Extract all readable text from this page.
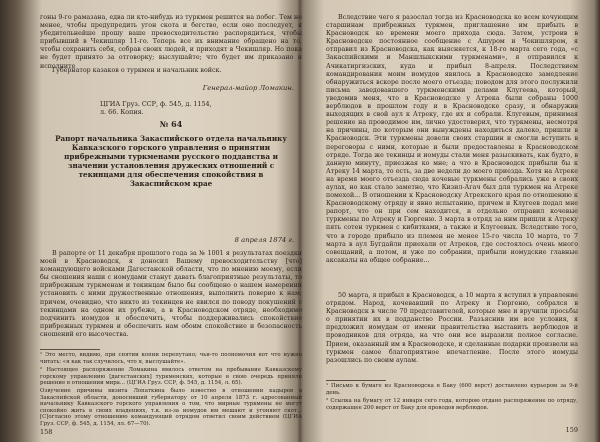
гоны 9-го рамазана, едва ли кто-нибудь из туркмен решится на побег. Тем не менее, чтобы предупредить угон скота и бегство, если оно последует, я убедительнейше прошу ваше превосходительство распорядиться, чтобы прибывший в Чекишляр 11-го. Теперь все их внимание обращено на то, чтобы сохранить себя, собрав своих людей, и приходят в Чекишляр. Но пока не будет принято за отговорку; выслушайте; что будет им приказано и исполните
Губернатор казаков о туркмен и начальник войск.
Генерал-майор Ломакин.
ЦГИА Груз. ССР, ф. 545, д. 1154,
л. 66. Копия.
№ 64
Рапорт начальника Закаспийского отдела начальнику Кавказского горского управления о принятии прибрежными туркменами русского подданства и значении установления дружеских отношений с текинцами для обеспечения спокойствия в Закаспийском крае
8 апреля 1874 г.
В рапорте от 11 декабря прошлого года за № 1001 я результатах поездки моей в Красноводск, я доносил Вашему превосходительству [что] командующего войсками Дагестанской области, что по мнению моему, если бы сношения наши с иомудами станут давать благоприятные результаты, то прибрежным туркменам и текинцам было бы сообщено о нашем намерении установить с ними дружественные отношения, выполнить поверие к нам; причем, очевидно, что никто из текинцев не явился по поводу покушений с текинцами на одном их рубеже, а в Красноводском отряде, необходимо подчинить иомудов и обеспечить, чтобы поддерживались спокойствие прибрежных туркмен и обеспечить нам обоим спокойствие и безопасность сношений его высочества.
¹ Это место, видимо, при снятии копии перепутано; чьи-то полномочия вот что нужно читать: «я как так случилось, что я, выслушайте».
² Настоящее распоряжение Ломакина явилось ответом на пребывание Кавказскому горскому управлению [дагестанских] туркменских, которые в свою очередь приняли решение в отношении мира... (ЦГИА Груз. ССР, ф. 545, д. 1154, л. 65).
Озвучение причины визита Лопаткина было известно в отношении кадыров в Закаспийской области, доносивший губернатору от 10 апреля 1873 г. адресованный начальнику Кавказского горского управления о том, что мирные туркмены не могут спокойно жить в своих владениях, т.к. из-за иомудов им мешают и угоняют скот... [С]огласно этому отношению командующий отрядом ответил своим действием (ЦГИА Груз. ССР, ф. 545, д. 1154, лл. 67—70).
158
Вследствие чего я разослал тогда из Красноводска ко всем кочующим старшинам прибрежных туркмен, приглашение им прибыть в Красноводск ко времени моего прихода сюда. Затем, устроив в Красноводске постоянное сообщение с Ашуром и Чекишляром, я отправил из Красноводска, как выясняется, к 18-го марта сего года, «с Закаспийскими и Маншлыкскими туркменами», я отправился к Ачикатиргизских, куда и прибыл 8-апреля. Последствием командирования моим иомудов явилось в Красноводске замедление обнаружиться вскоре после моего отъезда; поводом для этого послужили письма заведовавшего туркменскими делами Клугеева, который, уведомив меня, что в Красноводске у Атрека были собраны 1000 верблюдов в прошлом году и в Красноводске сразу, и обнаружив выходящих в свой аул к Атреку, где их и собрали. Клугевым, принимая решение на проводимое им, лично удостоверил, что туркмены, несмотря на причины, по которым они вынуждены находиться далеко, пришли в Красноводск. Эти туркмены довели своих старшин и смогли вступить в переговоры с ними, которые и были предоставлены в Красноводском отряде. Тогда же текинцы и иомуды стали меня разыскивать, как будто, в данную минуту, приезжая ко мне; а что в Красноводск прибыли бы к Атреку 14 марта, то есть, за две недели до моего приезда. Хотя на Атреке на время моего отъезда сюда кочевые туркмены собрались уже в своих аулах, но как стало заметно, что Кизил-Агач был для туркмен на Атреке помехой... В отношении к Красноводску Атрекского края по отношению к Красноводскому отряду и явно испытанию, причем и Клугеев подал мне рапорт, что он при сем находится, и отдельно отправил кочевые туркмены по Атреку и Гюргеню. 3 марта в отряд за ним пришли к Атреку пять сотен туркмен с кибитками, а также и Клугеевых. Вследствие того, что в городе прибыло из племен не менее 15-го числа 10 марта, то 7 марта в аул Бугдайли приехали от Атреков, где состоялось очень много совещаний, а потом, и уже по собрании, прибыли иомудские главные аксакалы на общее собрание...
50 марта, я прибыл в Красноводск, а 10 марта я вступил в управление отрядом. Народ, кочевавший по Атреку и Гюргеню, собрался в Красноводск в числе 70 представителей, которые мне и вручили просьбы о принятии их в подданство России. Разъяснив им все условия, я предложил иомудам от имени правительства выставить верблюдов и проводников для отряда, на что они все выразили полное согласие. Прием, оказанный им в Красноводске, и сделанные подарки произвели на туркмен самое благоприятное впечатление. После этого иомуды разошлись по своим аулам.
¹ Письмо к бумаге из Красноводска в Баку (600 верст) доставлено курьером за 9-й день.
² Ссылка на бумагу от 12 января сего года, которою отдано распоряжение по отряду, содержащее 200 верст от Баку для проводов верблюдов.
159
